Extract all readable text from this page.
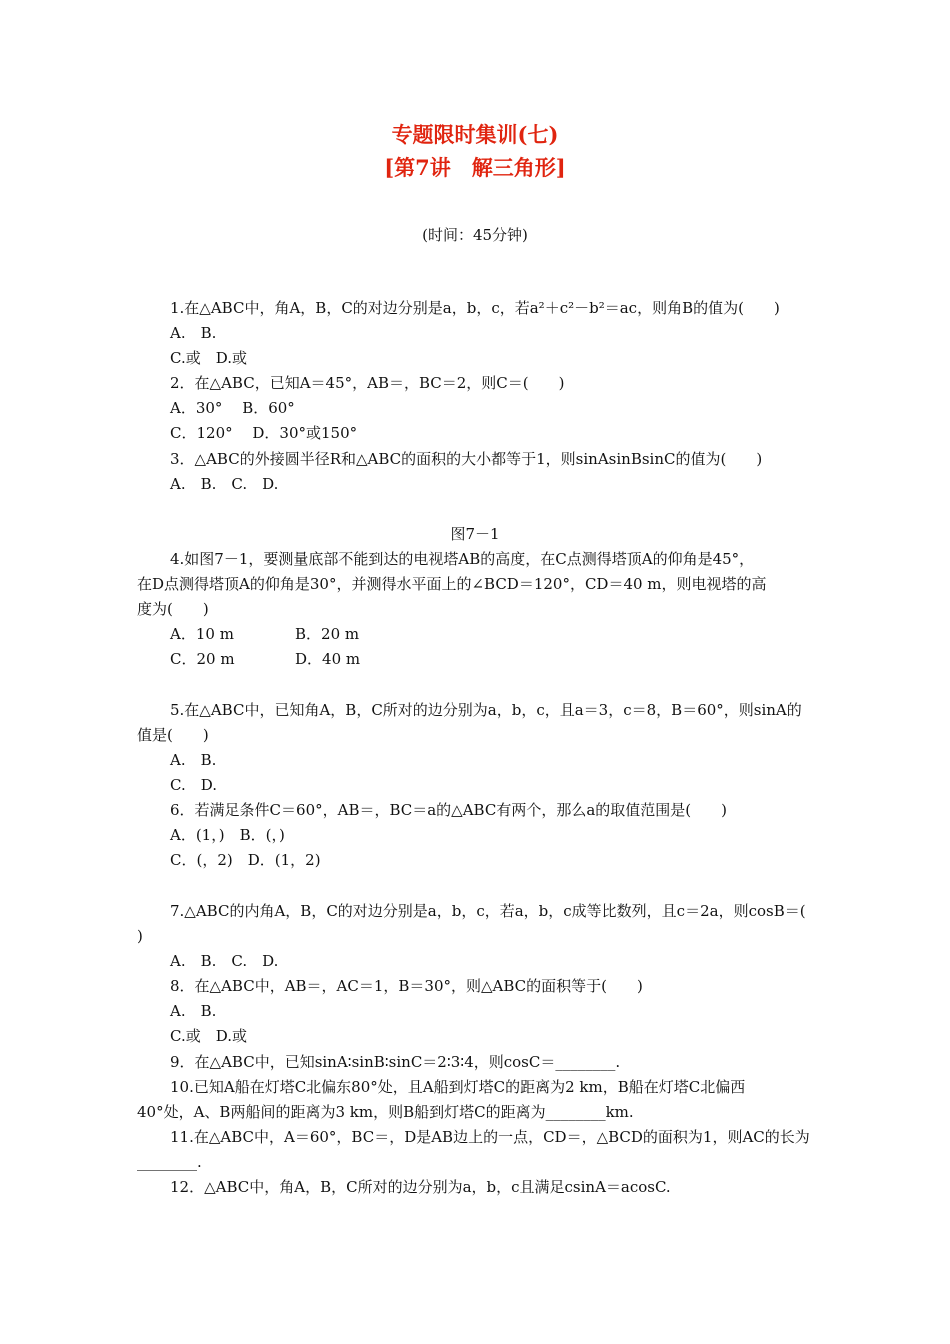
专题限时集训(七)
[第7讲　解三角形]
(时间：45分钟)
1.在△ABC中，角A，B，C的对边分别是a，b，c，若a²＋c²－b²＝ac，则角B的值为(　　)
A.　B.
C.或　D.或
2．在△ABC，已知A＝45°，AB＝，BC＝2，则C＝(　　)
A．30°　 B．60°
C．120°　 D．30°或150°
3．△ABC的外接圆半径R和△ABC的面积的大小都等于1，则sinAsinBsinC的值为(　　)
A.　B.　C.　D.
图7－1
4.如图7－1，要测量底部不能到达的电视塔AB的高度，在C点测得塔顶A的仰角是45°，
在D点测得塔顶A的仰角是30°，并测得水平面上的∠BCD＝120°，CD＝40 m，则电视塔的高
度为(　　)
A．10 m	B．20 m
C．20 m	D．40 m
5.在△ABC中，已知角A，B，C所对的边分别为a，b，c，且a＝3，c＝8，B＝60°，则sinA的
值是(　　)
A.　B.
C.　D.
6．若满足条件C＝60°，AB＝，BC＝a的△ABC有两个，那么a的取值范围是(　　)
A．(1，)　B．(，)
C．(，2)　D．(1，2)
7.△ABC的内角A，B，C的对边分别是a，b，c，若a，b，c成等比数列，且c＝2a，则cosB＝(
)
A.　B.　C.　D.
8．在△ABC中，AB＝，AC＝1，B＝30°，则△ABC的面积等于(　　)
A.　B.
C.或　D.或
9．在△ABC中，已知sinA∶sinB∶sinC＝2∶3∶4，则cosC＝________.
10.已知A船在灯塔C北偏东80°处，且A船到灯塔C的距离为2 km，B船在灯塔C北偏西
40°处，A、B两船间的距离为3 km，则B船到灯塔C的距离为________km.
11.在△ABC中，A＝60°，BC＝，D是AB边上的一点，CD＝，△BCD的面积为1，则AC的长为
________.
12．△ABC中，角A，B，C所对的边分别为a，b，c且满足csinA＝acosC.
